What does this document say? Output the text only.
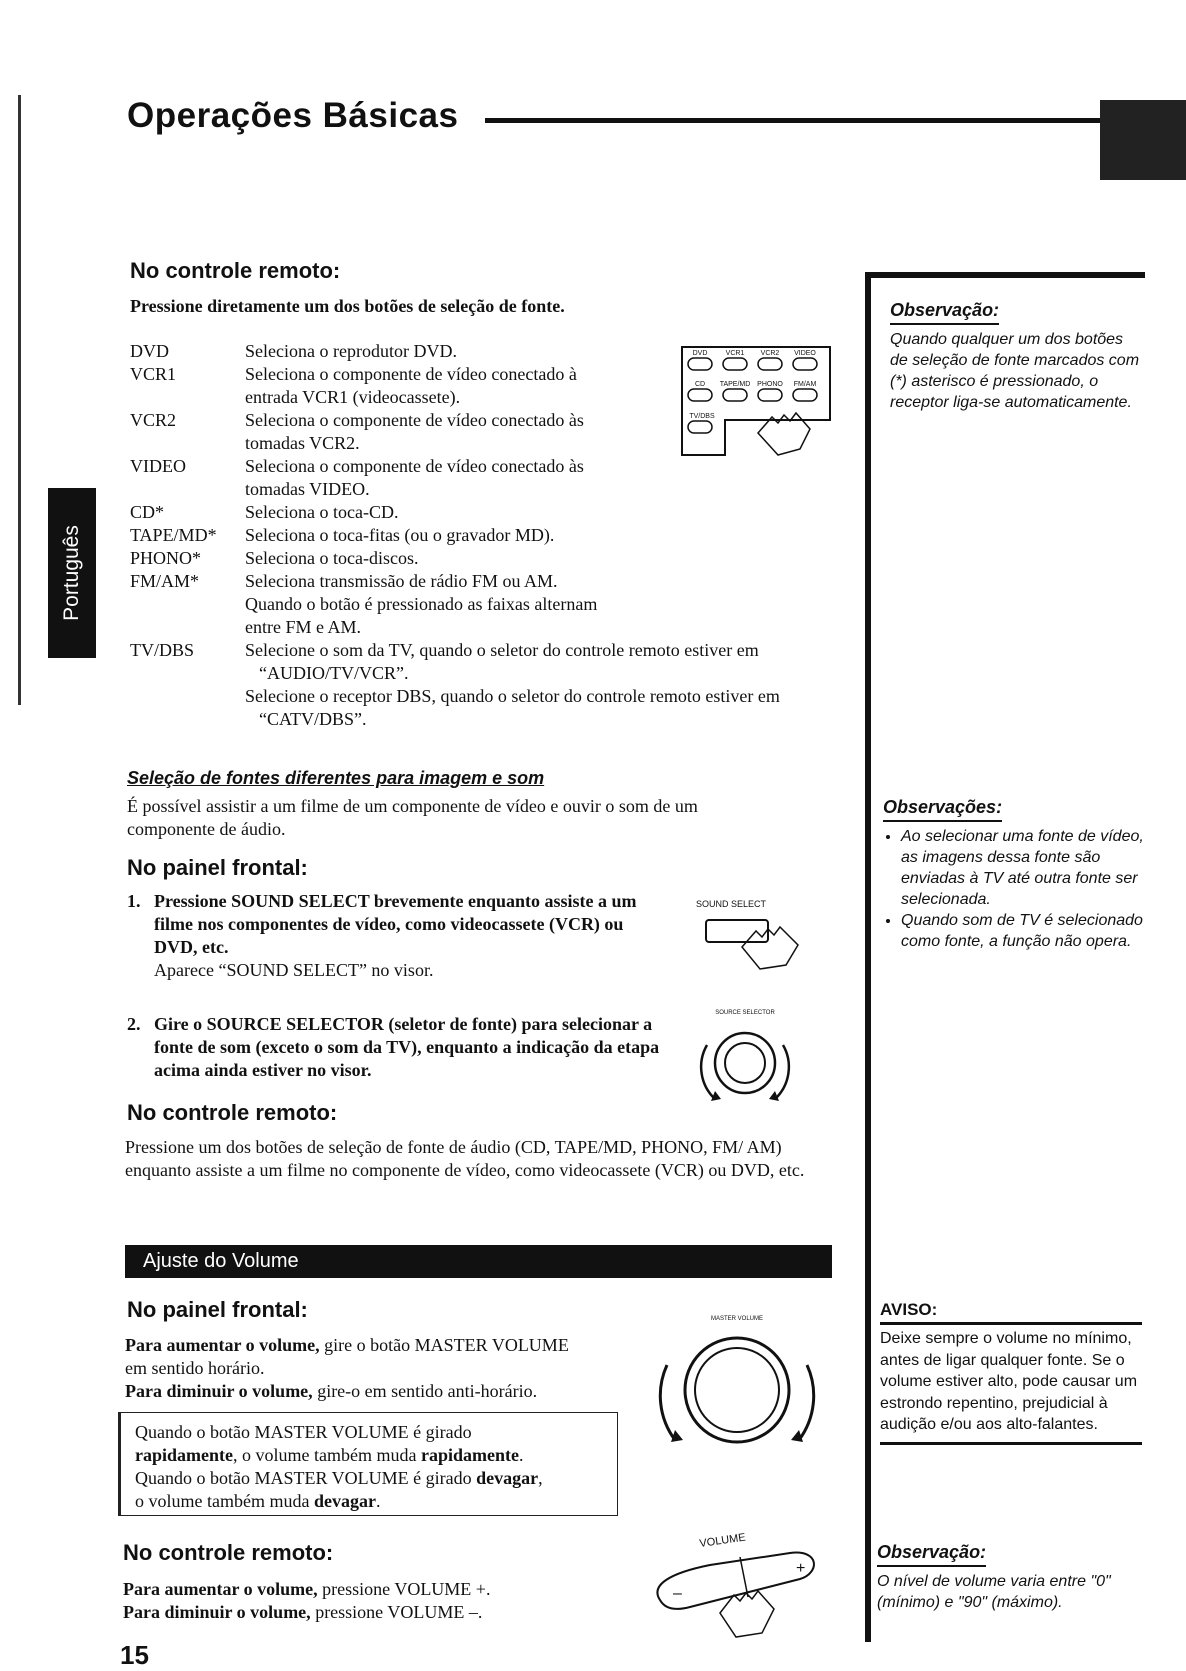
Operações Básicas
Português
No controle remoto:
Pressione diretamente um dos botões de seleção de fonte.
DVD	Seleciona o reprodutor DVD.
VCR1	Seleciona o componente de vídeo conectado à
entrada VCR1 (videocassete).
VCR2	Seleciona o componente de vídeo conectado às
tomadas VCR2.
VIDEO	Seleciona o componente de vídeo conectado às
tomadas VIDEO.
CD*	Seleciona o toca-CD.
TAPE/MD*	Seleciona o toca-fitas (ou o gravador MD).
PHONO*	Seleciona o toca-discos.
FM/AM*	Seleciona transmissão de rádio FM ou AM.
Quando o botão é pressionado as faixas alternam
entre FM e AM.
TV/DBS	Selecione o som da TV, quando o seletor do controle remoto estiver em “AUDIO/TV/VCR”.
Selecione o receptor DBS, quando o seletor do controle remoto estiver em “CATV/DBS”.
DVD	VCR1 VCR2 VIDEO
CD TAPE/MD PHONO FM/AM
TV/DBS
Seleção de fontes diferentes para imagem e som
É possível assistir a um filme de um componente de vídeo e ouvir o som de um componente de áudio.
No painel frontal:
1. Pressione SOUND SELECT brevemente enquanto assiste a um filme nos componentes de vídeo, como videocassete (VCR) ou DVD, etc.
Aparece “SOUND SELECT” no visor.
2. Gire o SOURCE SELECTOR (seletor de fonte) para selecionar a fonte de som (exceto o som da TV), enquanto a indicação da etapa acima ainda estiver no visor.
SOUND SELECT
SOURCE SELECTOR
No controle remoto:
Pressione um dos botões de seleção de fonte de áudio (CD, TAPE/MD, PHONO, FM/ AM) enquanto assiste a um filme no componente de vídeo, como videocassete (VCR) ou DVD, etc.
Ajuste do Volume
No painel frontal:
Para aumentar o volume, gire o botão MASTER VOLUME em sentido horário.
Para diminuir o volume, gire-o em sentido anti-horário.
Quando o botão MASTER VOLUME é girado
rapidamente, o volume também muda rapidamente.
Quando o botão MASTER VOLUME é girado devagar,
o volume também muda devagar.
MASTER VOLUME
No controle remoto:
Para aumentar o volume, pressione VOLUME +.
Para diminuir o volume, pressione VOLUME –.
VOLUME
–
+
Observação:
Quando qualquer um dos botões de seleção de fonte marcados com (*) asterisco é pressionado, o receptor liga-se automaticamente.
Observações:
• Ao selecionar uma fonte de vídeo, as imagens dessa fonte são enviadas à TV até outra fonte ser selecionada.
• Quando som de TV é selecionado como fonte, a função não opera.
AVISO:
Deixe sempre o volume no mínimo, antes de ligar qualquer fonte. Se o volume estiver alto, pode causar um estrondo repentino, prejudicial à audição e/ou aos alto-falantes.
Observação:
O nível de volume varia entre "0" (mínimo) e "90" (máximo).
15
